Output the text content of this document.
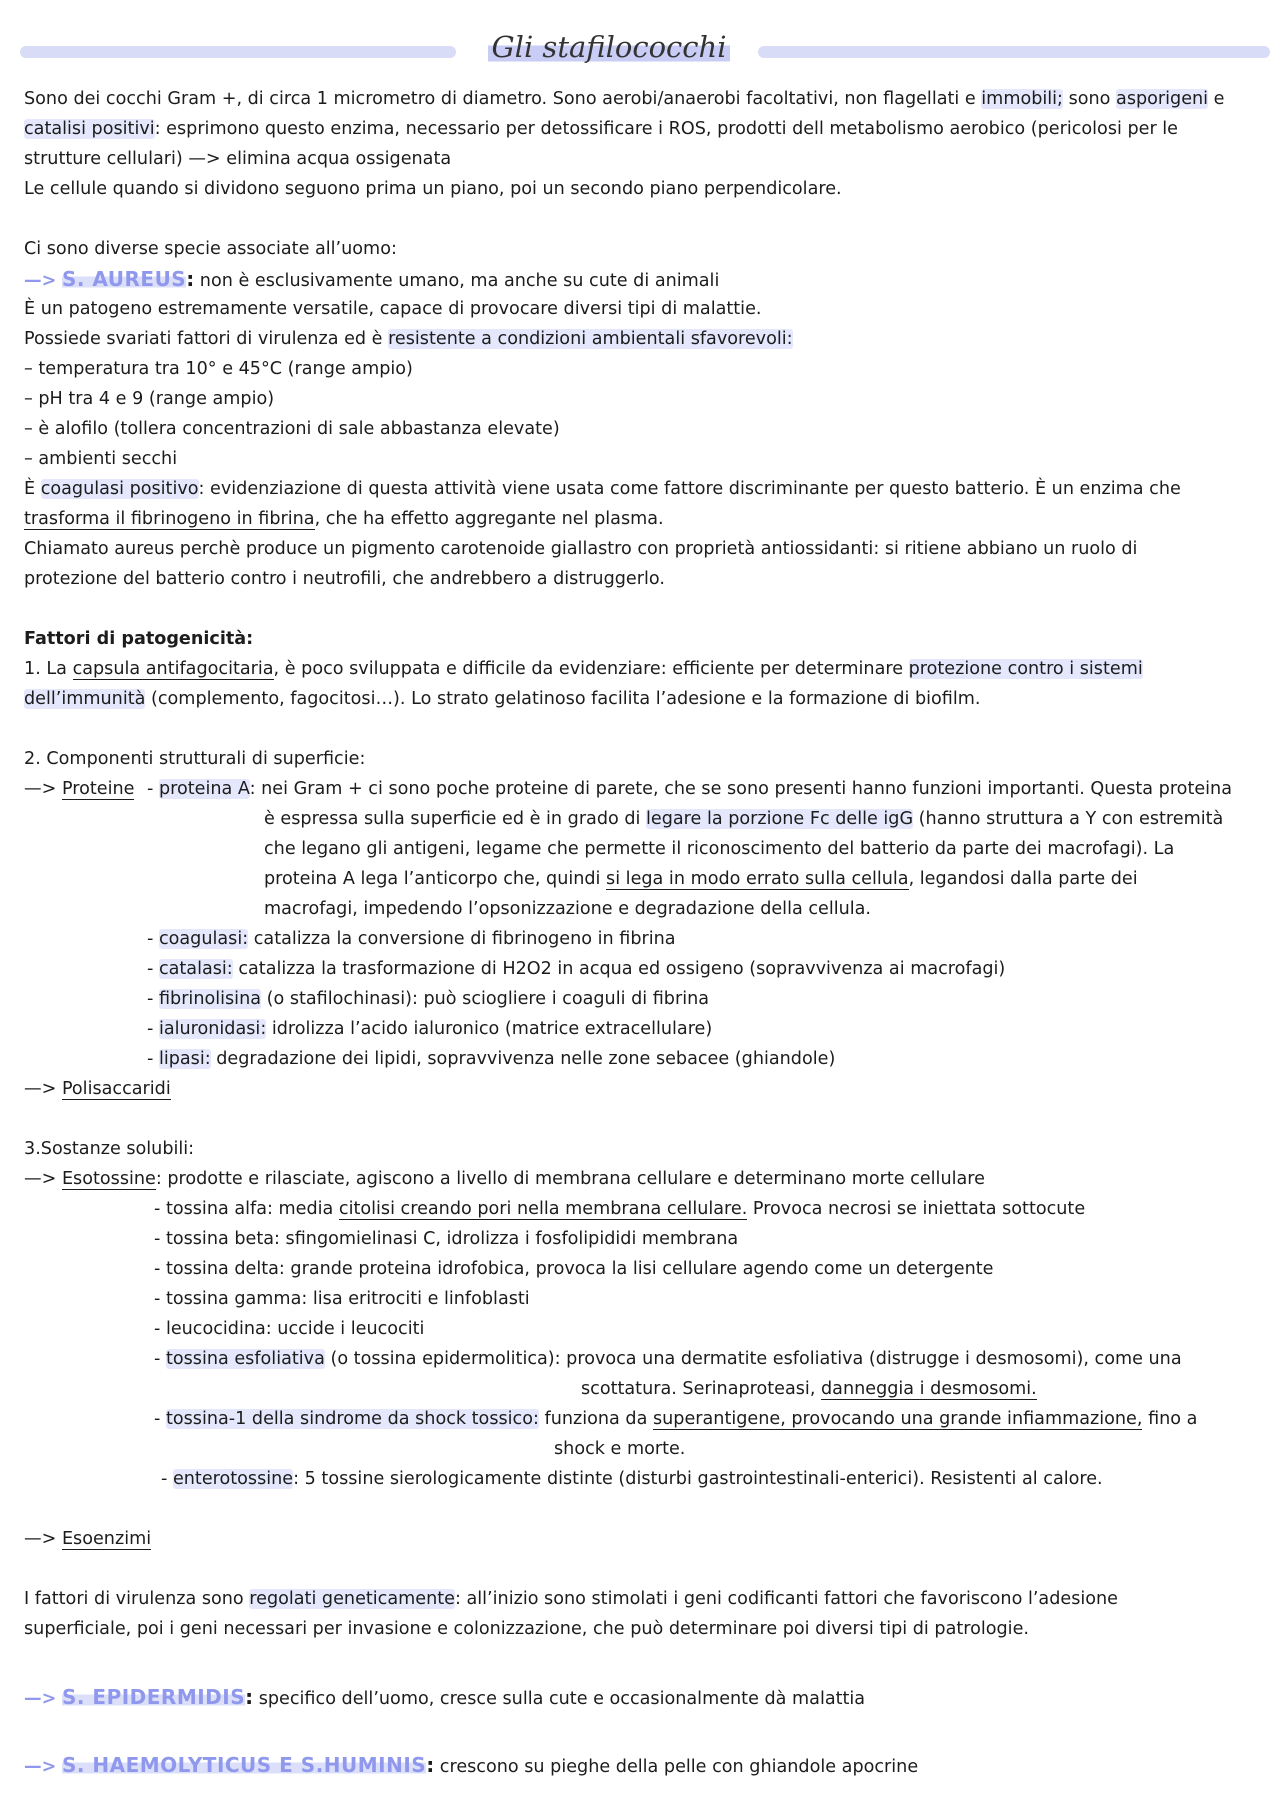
Gli stafilococchi
Sono dei cocchi Gram +, di circa 1 micrometro di diametro. Sono aerobi/anaerobi facoltativi, non flagellati e immobili; sono asporigeni e
catalisi positivi: esprimono questo enzima, necessario per detossificare i ROS, prodotti dell metabolismo aerobico (pericolosi per le
strutture cellulari) —> elimina acqua ossigenata
Le cellule quando si dividono seguono prima un piano, poi un secondo piano perpendicolare.
Ci sono diverse specie associate all’uomo:
—> S. AUREUS: non è esclusivamente umano, ma anche su cute di animali
È un patogeno estremamente versatile, capace di provocare diversi tipi di malattie.
Possiede svariati fattori di virulenza ed è resistente a condizioni ambientali sfavorevoli:
– temperatura tra 10° e 45°C (range ampio)
– pH tra 4 e 9 (range ampio)
– è alofilo (tollera concentrazioni di sale abbastanza elevate)
– ambienti secchi
È coagulasi positivo: evidenziazione di questa attività viene usata come fattore discriminante per questo batterio. È un enzima che
trasforma il fibrinogeno in fibrina, che ha effetto aggregante nel plasma.
Chiamato aureus perchè produce un pigmento carotenoide giallastro con proprietà antiossidanti: si ritiene abbiano un ruolo di
protezione del batterio contro i neutrofili, che andrebbero a distruggerlo.
Fattori di patogenicità:
1. La capsula antifagocitaria, è poco sviluppata e difficile da evidenziare: efficiente per determinare protezione contro i sistemi
dell’immunità (complemento, fagocitosi…). Lo strato gelatinoso facilita l’adesione e la formazione di biofilm.
2. Componenti strutturali di superficie:
—> Proteine - proteina A: nei Gram + ci sono poche proteine di parete, che se sono presenti hanno funzioni importanti. Questa proteina
è espressa sulla superficie ed è in grado di legare la porzione Fc delle igG (hanno struttura a Y con estremità
che legano gli antigeni, legame che permette il riconoscimento del batterio da parte dei macrofagi). La
proteina A lega l’anticorpo che, quindi si lega in modo errato sulla cellula, legandosi dalla parte dei
macrofagi, impedendo l’opsonizzazione e degradazione della cellula.
- coagulasi: catalizza la conversione di fibrinogeno in fibrina
- catalasi: catalizza la trasformazione di H2O2 in acqua ed ossigeno (sopravvivenza ai macrofagi)
- fibrinolisina (o stafilochinasi): può sciogliere i coaguli di fibrina
- ialuronidasi: idrolizza l’acido ialuronico (matrice extracellulare)
- lipasi: degradazione dei lipidi, sopravvivenza nelle zone sebacee (ghiandole)
—> Polisaccaridi
3.Sostanze solubili:
—> Esotossine: prodotte e rilasciate, agiscono a livello di membrana cellulare e determinano morte cellulare
- tossina alfa: media citolisi creando pori nella membrana cellulare. Provoca necrosi se iniettata sottocute
- tossina beta: sfingomielinasi C, idrolizza i fosfolipididi membrana
- tossina delta: grande proteina idrofobica, provoca la lisi cellulare agendo come un detergente
- tossina gamma: lisa eritrociti e linfoblasti
- leucocidina: uccide i leucociti
- tossina esfoliativa (o tossina epidermolitica): provoca una dermatite esfoliativa (distrugge i desmosomi), come una
scottatura. Serinaproteasi, danneggia i desmosomi.
- tossina-1 della sindrome da shock tossico: funziona da superantigene, provocando una grande infiammazione, fino a
shock e morte.
- enterotossine: 5 tossine sierologicamente distinte (disturbi gastrointestinali-enterici). Resistenti al calore.
—> Esoenzimi
I fattori di virulenza sono regolati geneticamente: all’inizio sono stimolati i geni codificanti fattori che favoriscono l’adesione
superficiale, poi i geni necessari per invasione e colonizzazione, che può determinare poi diversi tipi di patrologie.
—> S. EPIDERMIDIS: specifico dell’uomo, cresce sulla cute e occasionalmente dà malattia
—> S. HAEMOLYTICUS E S.HUMINIS: crescono su pieghe della pelle con ghiandole apocrine
